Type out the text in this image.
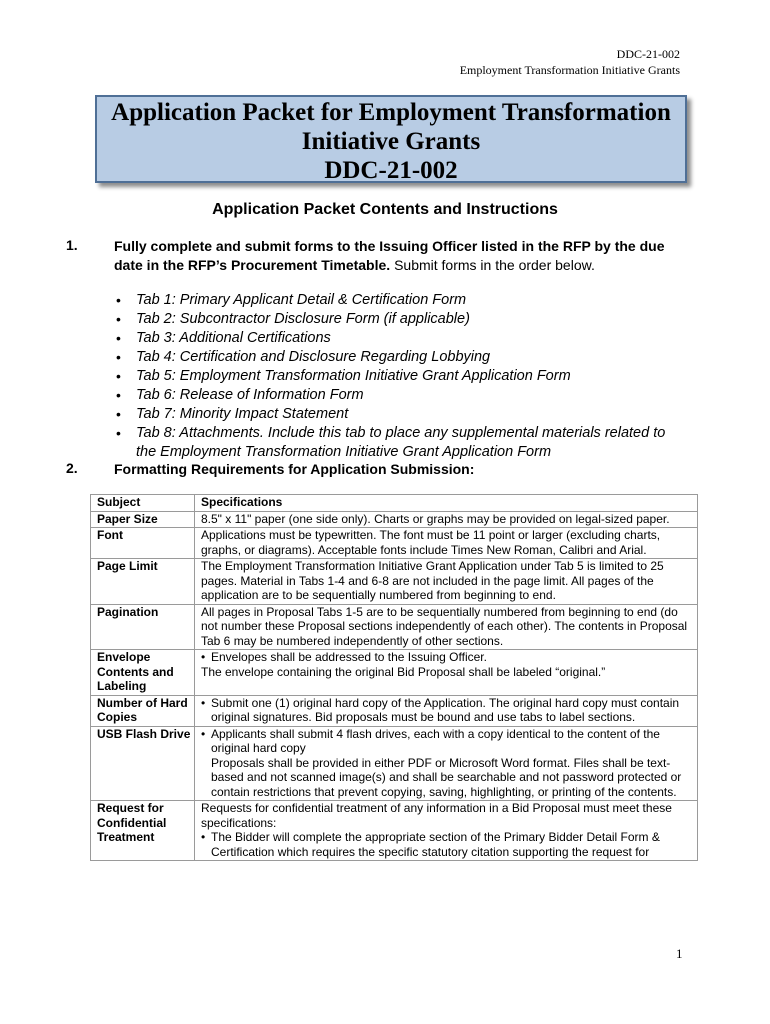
DDC-21-002
Employment Transformation Initiative Grants
Application Packet for Employment Transformation
Initiative Grants
DDC-21-002
Application Packet Contents and Instructions
1.	Fully complete and submit forms to the Issuing Officer listed in the RFP by the due date in the RFP’s Procurement Timetable. Submit forms in the order below.
• Tab 1: Primary Applicant Detail & Certification Form
• Tab 2: Subcontractor Disclosure Form (if applicable)
• Tab 3: Additional Certifications
• Tab 4: Certification and Disclosure Regarding Lobbying
• Tab 5: Employment Transformation Initiative Grant Application Form
• Tab 6: Release of Information Form
• Tab 7: Minority Impact Statement
• Tab 8: Attachments. Include this tab to place any supplemental materials related to the Employment Transformation Initiative Grant Application Form
2.	Formatting Requirements for Application Submission:
Subject	Specifications
Paper Size	8.5" x 11" paper (one side only). Charts or graphs may be provided on legal-sized paper.
Font	Applications must be typewritten. The font must be 11 point or larger (excluding charts, graphs, or diagrams). Acceptable fonts include Times New Roman, Calibri and Arial.
Page Limit	The Employment Transformation Initiative Grant Application under Tab 5 is limited to 25 pages. Material in Tabs 1-4 and 6-8 are not included in the page limit. All pages of the application are to be sequentially numbered from beginning to end.
Pagination	All pages in Proposal Tabs 1-5 are to be sequentially numbered from beginning to end (do not number these Proposal sections independently of each other). The contents in Proposal Tab 6 may be numbered independently of other sections.
Envelope Contents and Labeling	• Envelopes shall be addressed to the Issuing Officer.
The envelope containing the original Bid Proposal shall be labeled “original.”

Number of Hard Copies	• Submit one (1) original hard copy of the Application. The original hard copy must contain original signatures. Bid proposals must be bound and use tabs to label sections.

USB Flash Drive	• Applicants shall submit 4 flash drives, each with a copy identical to the content of the original hard copy
Proposals shall be provided in either PDF or Microsoft Word format. Files shall be text-based and not scanned image(s) and shall be searchable and not password protected or contain restrictions that prevent copying, saving, highlighting, or printing of the contents.

Request for Confidential Treatment	Requests for confidential treatment of any information in a Bid Proposal must meet these specifications:
• The Bidder will complete the appropriate section of the Primary Bidder Detail Form & Certification which requires the specific statutory citation supporting the request for
1
